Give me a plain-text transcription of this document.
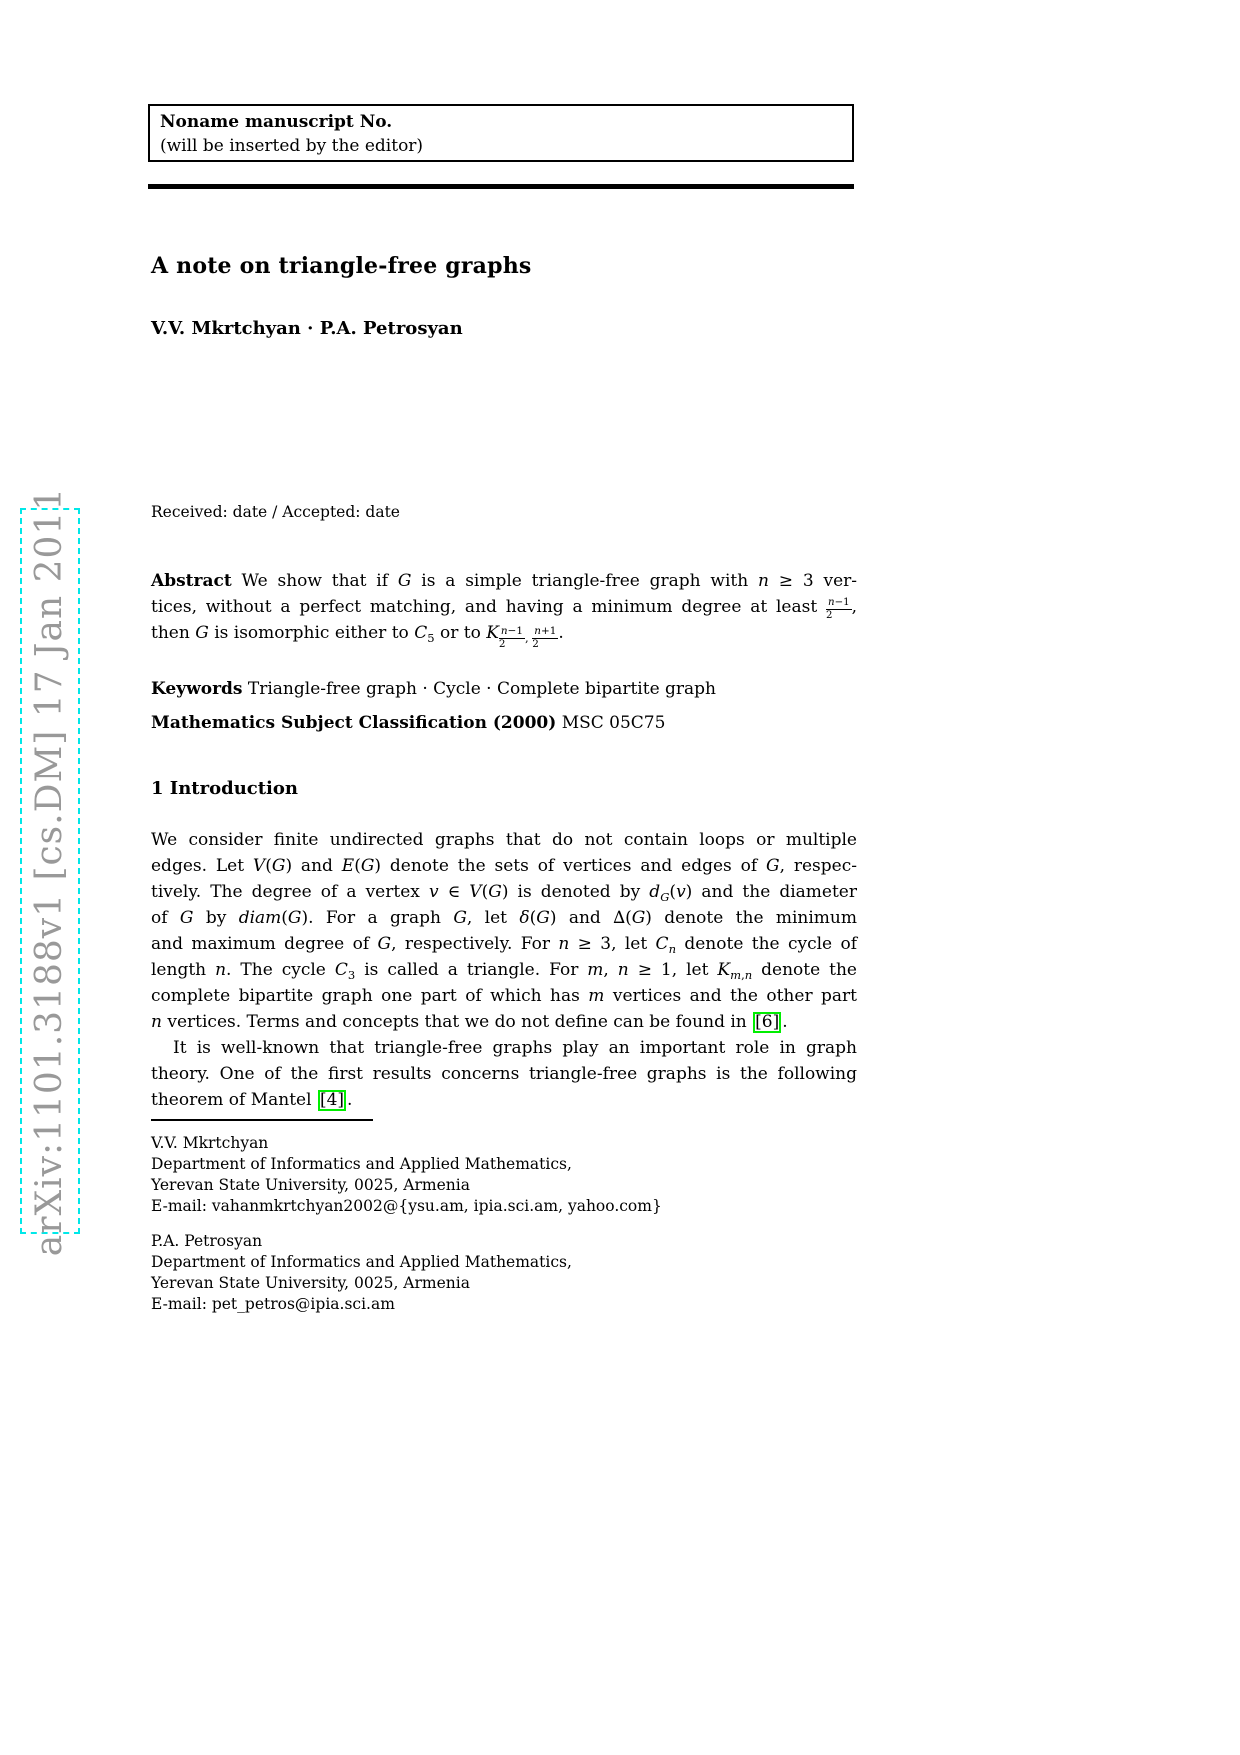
Noname manuscript No.
(will be inserted by the editor)
A note on triangle-free graphs
V.V. Mkrtchyan · P.A. Petrosyan
Received: date / Accepted: date
Abstract We show that if G is a simple triangle-free graph with n ≥ 3 ver-
tices, without a perfect matching, and having a minimum degree at least $\frac{n-1}{2}$ ,
then G is isomorphic either to $C_5$ or to K $_{\frac{n-1}{2} , \frac{n+1}{2}}$ .
Keywords Triangle-free graph · Cycle · Complete bipartite graph
Mathematics Subject Classification (2000) MSC 05C75
1 Introduction
We consider finite undirected graphs that do not contain loops or multiple
edges. Let V(G) and E(G) denote the sets of vertices and edges of G, respec-
tively. The degree of a vertex v ∈ V(G) is denoted by $d_G(v)$ and the diameter
of G by diam(G). For a graph G, let δ(G) and ∆(G) denote the minimum
and maximum degree of G, respectively. For n ≥ 3, let $C_n$ denote the cycle of
length n. The cycle $C_3$ is called a triangle. For m, n ≥ 1, let $K_{m,n}$ denote the
complete bipartite graph one part of which has m vertices and the other part
n vertices. Terms and concepts that we do not define can be found in [6] .
It is well-known that triangle-free graphs play an important role in graph
theory. One of the first results concerns triangle-free graphs is the following
theorem of Mantel [4] .
V.V. Mkrtchyan
Department of Informatics and Applied Mathematics,
Yerevan State University, 0025, Armenia
E-mail: vahanmkrtchyan2002@{ysu.am, ipia.sci.am, yahoo.com}
P.A. Petrosyan
Department of Informatics and Applied Mathematics,
Yerevan State University, 0025, Armenia
E-mail: pet_petros@ipia.sci.am
arXiv:1101.3188v1 [cs.DM] 17 Jan 2011
